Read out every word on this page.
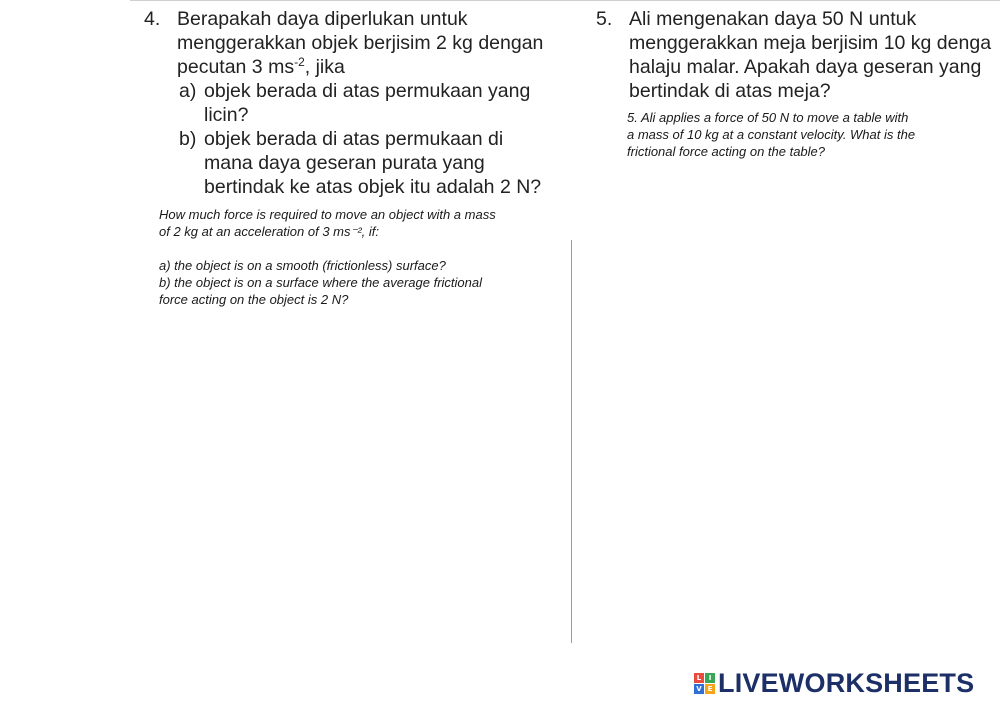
4. Berapakah daya diperlukan untuk
menggerakkan objek berjisim 2 kg dengan
pecutan 3 $ms^{-2}$, jika
a) objek berada di atas permukaan yang
licin?
b) objek berada di atas permukaan di
mana daya geseran purata yang
bertindak ke atas objek itu adalah 2 N?
How much force is required to move an object with a mass
of 2 kg at an acceleration of 3 ms⁻², if:
a) the object is on a smooth (frictionless) surface?
b) the object is on a surface where the average frictional
force acting on the object is 2 N?
5. Ali mengenakan daya 50 N untuk
menggerakkan meja berjisim 10 kg denga
halaju malar. Apakah daya geseran yang
bertindak di atas meja?
5. Ali applies a force of 50 N to move a table with
a mass of 10 kg at a constant velocity. What is the
frictional force acting on the table?
L	I
V E LIVEWORKSHEETS
